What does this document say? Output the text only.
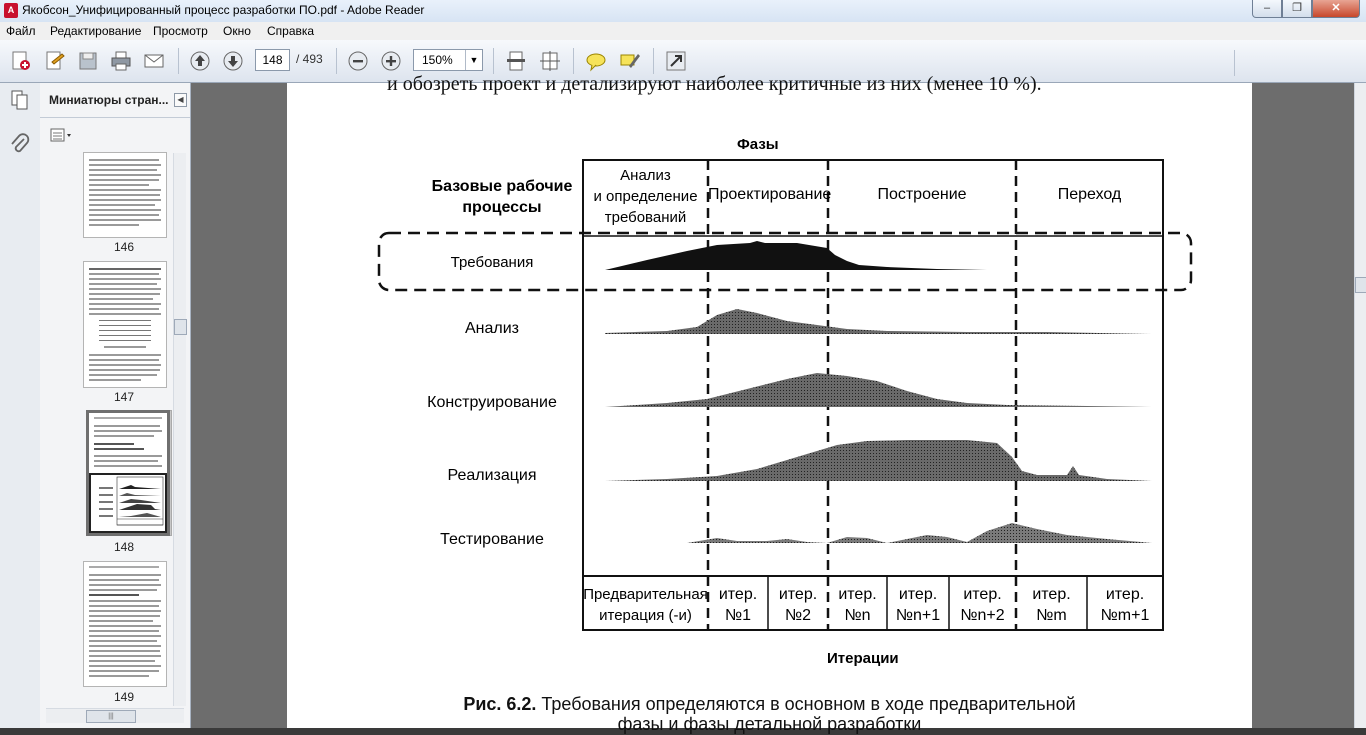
A Якобсон_Унифицированный процесс разработки ПО.pdf - Adobe Reader	–	❐	✕
Файл Редактирование Просмотр Окно Справка
148	/ 493	150%	▼
Миниатюры стран...	◀
146
147
148
149
|||
и обозреть проект и детализируют наиболее критичные из них (менее 10 %).
Фазы
Базовые рабочие
процессы
Анализ
и определение
требований
Проектирование	Построение	Переход
Требования
Анализ
Конструирование
Реализация
Тестирование
Предварительная
итерация (-и)
итер.
№1
итер.
№2
итер.
№n
итер.
№n+1
итер.
№n+2
итер.
№m
итер.
№m+1
Итерации
Рис. 6.2. Требования определяются в основном в ходе предварительной
фазы и фазы детальной разработки
